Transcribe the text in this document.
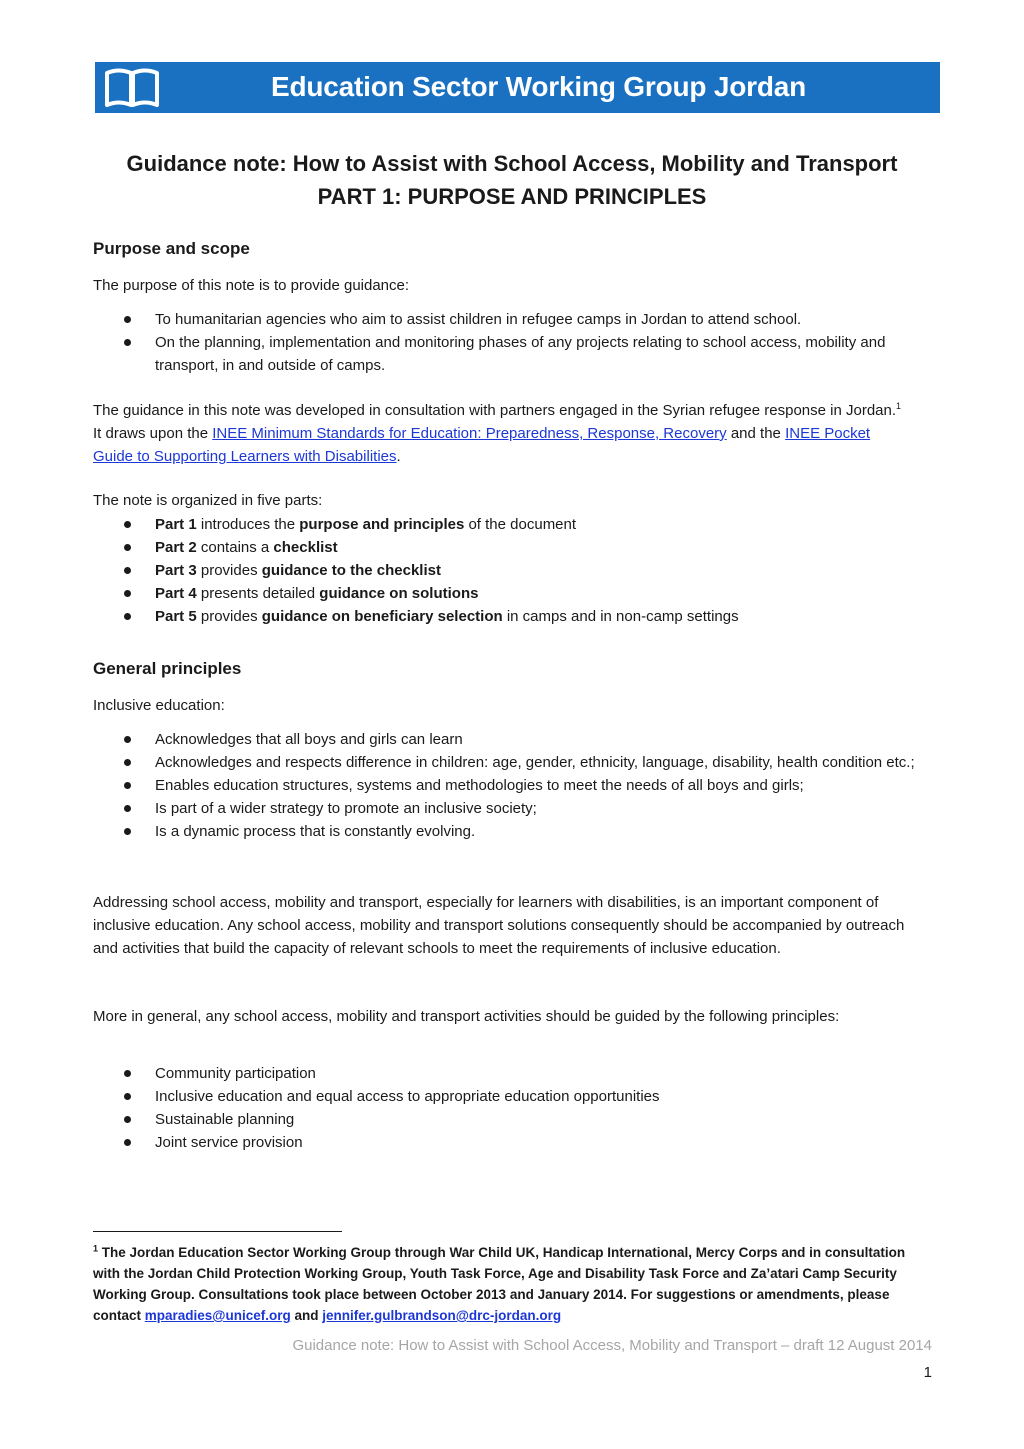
Education Sector Working Group Jordan
Guidance note: How to Assist with School Access, Mobility and Transport
PART 1: PURPOSE AND PRINCIPLES
Purpose and scope
The purpose of this note is to provide guidance:
To humanitarian agencies who aim to assist children in refugee camps in Jordan to attend school.
On the planning, implementation and monitoring phases of any projects relating to school access, mobility and transport, in and outside of camps.
The guidance in this note was developed in consultation with partners engaged in the Syrian refugee response in Jordan.$^1$ It draws upon the INEE Minimum Standards for Education: Preparedness, Response, Recovery and the INEE Pocket Guide to Supporting Learners with Disabilities.
The note is organized in five parts:
Part 1 introduces the purpose and principles of the document
Part 2 contains a checklist
Part 3 provides guidance to the checklist
Part 4 presents detailed guidance on solutions
Part 5 provides guidance on beneficiary selection in camps and in non-camp settings
General principles
Inclusive education:
Acknowledges that all boys and girls can learn
Acknowledges and respects difference in children: age, gender, ethnicity, language, disability, health condition etc.;
Enables education structures, systems and methodologies to meet the needs of all boys and girls;
Is part of a wider strategy to promote an inclusive society;
Is a dynamic process that is constantly evolving.
Addressing school access, mobility and transport, especially for learners with disabilities, is an important component of inclusive education. Any school access, mobility and transport solutions consequently should be accompanied by outreach and activities that build the capacity of relevant schools to meet the requirements of inclusive education.
More in general, any school access, mobility and transport activities should be guided by the following principles:
Community participation
Inclusive education and equal access to appropriate education opportunities
Sustainable planning
Joint service provision
$^1$ The Jordan Education Sector Working Group through War Child UK, Handicap International, Mercy Corps and in consultation with the Jordan Child Protection Working Group, Youth Task Force, Age and Disability Task Force and Za’atari Camp Security Working Group. Consultations took place between October 2013 and January 2014. For suggestions or amendments, please contact mparadies@unicef.org and jennifer.gulbrandson@drc-jordan.org
Guidance note: How to Assist with School Access, Mobility and Transport – draft 12 August 2014
1
